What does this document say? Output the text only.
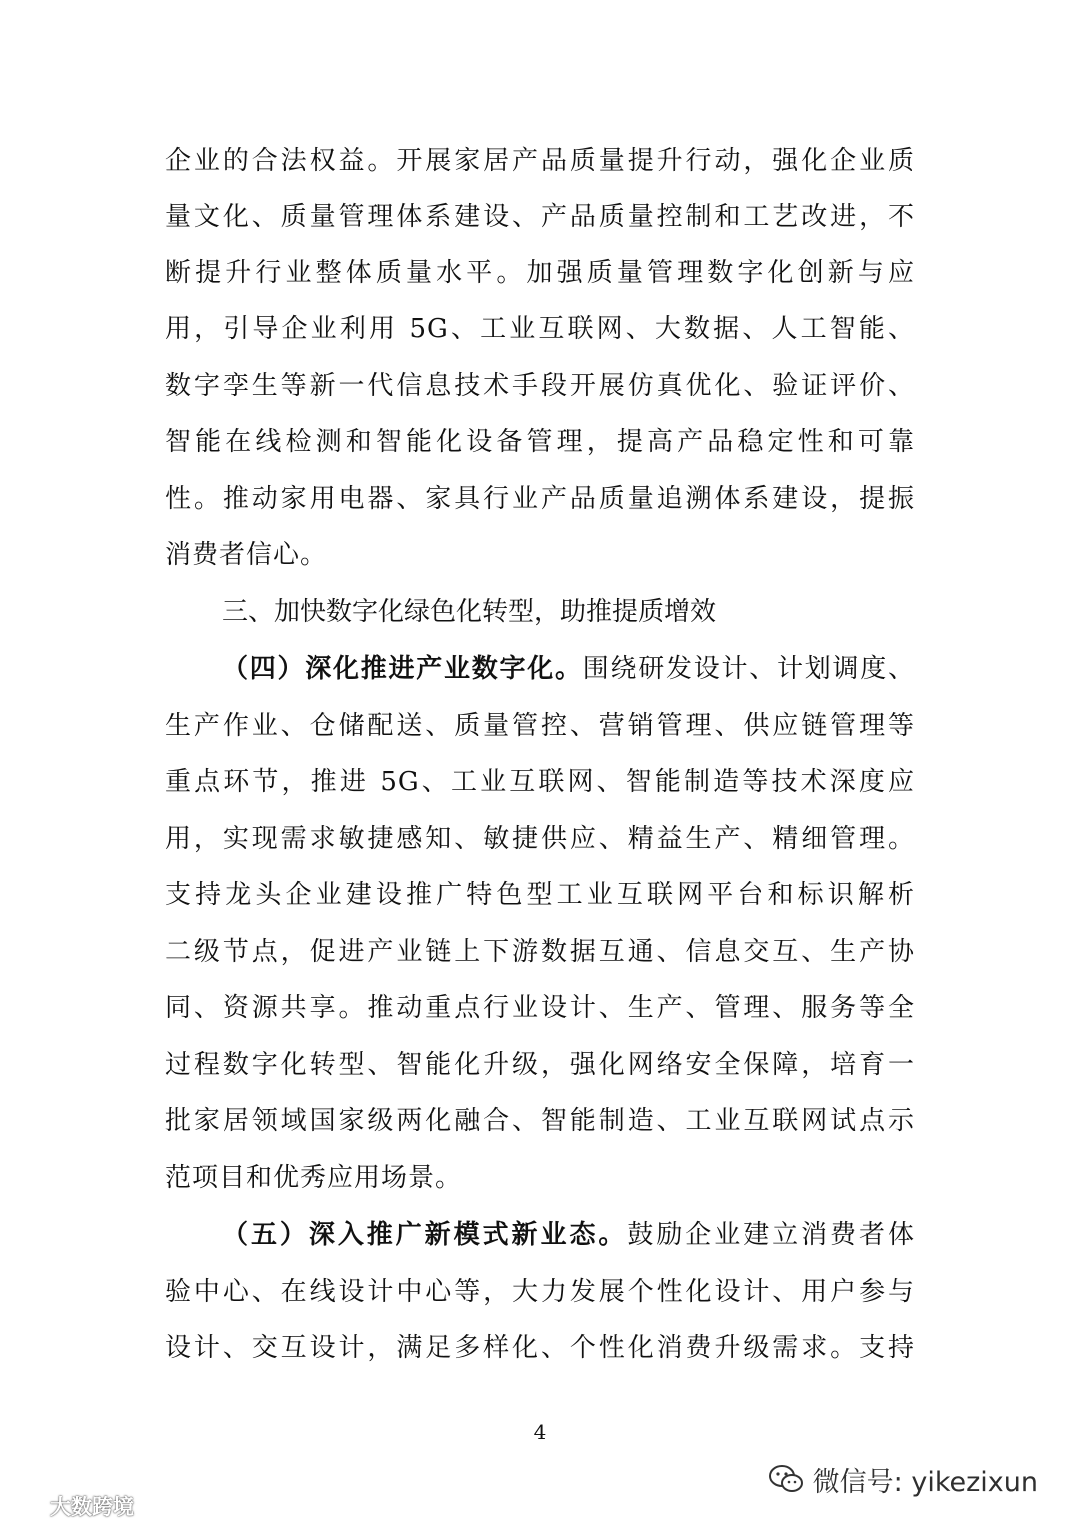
企业的合法权益。开展家居产品质量提升行动，强化企业质
量文化、质量管理体系建设、产品质量控制和工艺改进，不
断提升行业整体质量水平。加强质量管理数字化创新与应
用，引导企业利用 5G、工业互联网、大数据、人工智能、
数字孪生等新一代信息技术手段开展仿真优化、验证评价、
智能在线检测和智能化设备管理，提高产品稳定性和可靠
性。推动家用电器、家具行业产品质量追溯体系建设，提振
消费者信心。
三、加快数字化绿色化转型，助推提质增效
（四）深化推进产业数字化。围绕研发设计、计划调度、
生产作业、仓储配送、质量管控、营销管理、供应链管理等
重点环节，推进 5G、工业互联网、智能制造等技术深度应
用，实现需求敏捷感知、敏捷供应、精益生产、精细管理。
支持龙头企业建设推广特色型工业互联网平台和标识解析
二级节点，促进产业链上下游数据互通、信息交互、生产协
同、资源共享。推动重点行业设计、生产、管理、服务等全
过程数字化转型、智能化升级，强化网络安全保障，培育一
批家居领域国家级两化融合、智能制造、工业互联网试点示
范项目和优秀应用场景。
（五）深入推广新模式新业态。鼓励企业建立消费者体
验中心、在线设计中心等，大力发展个性化设计、用户参与
设计、交互设计，满足多样化、个性化消费升级需求。支持
4
微信号: yikezixun
大数跨境
